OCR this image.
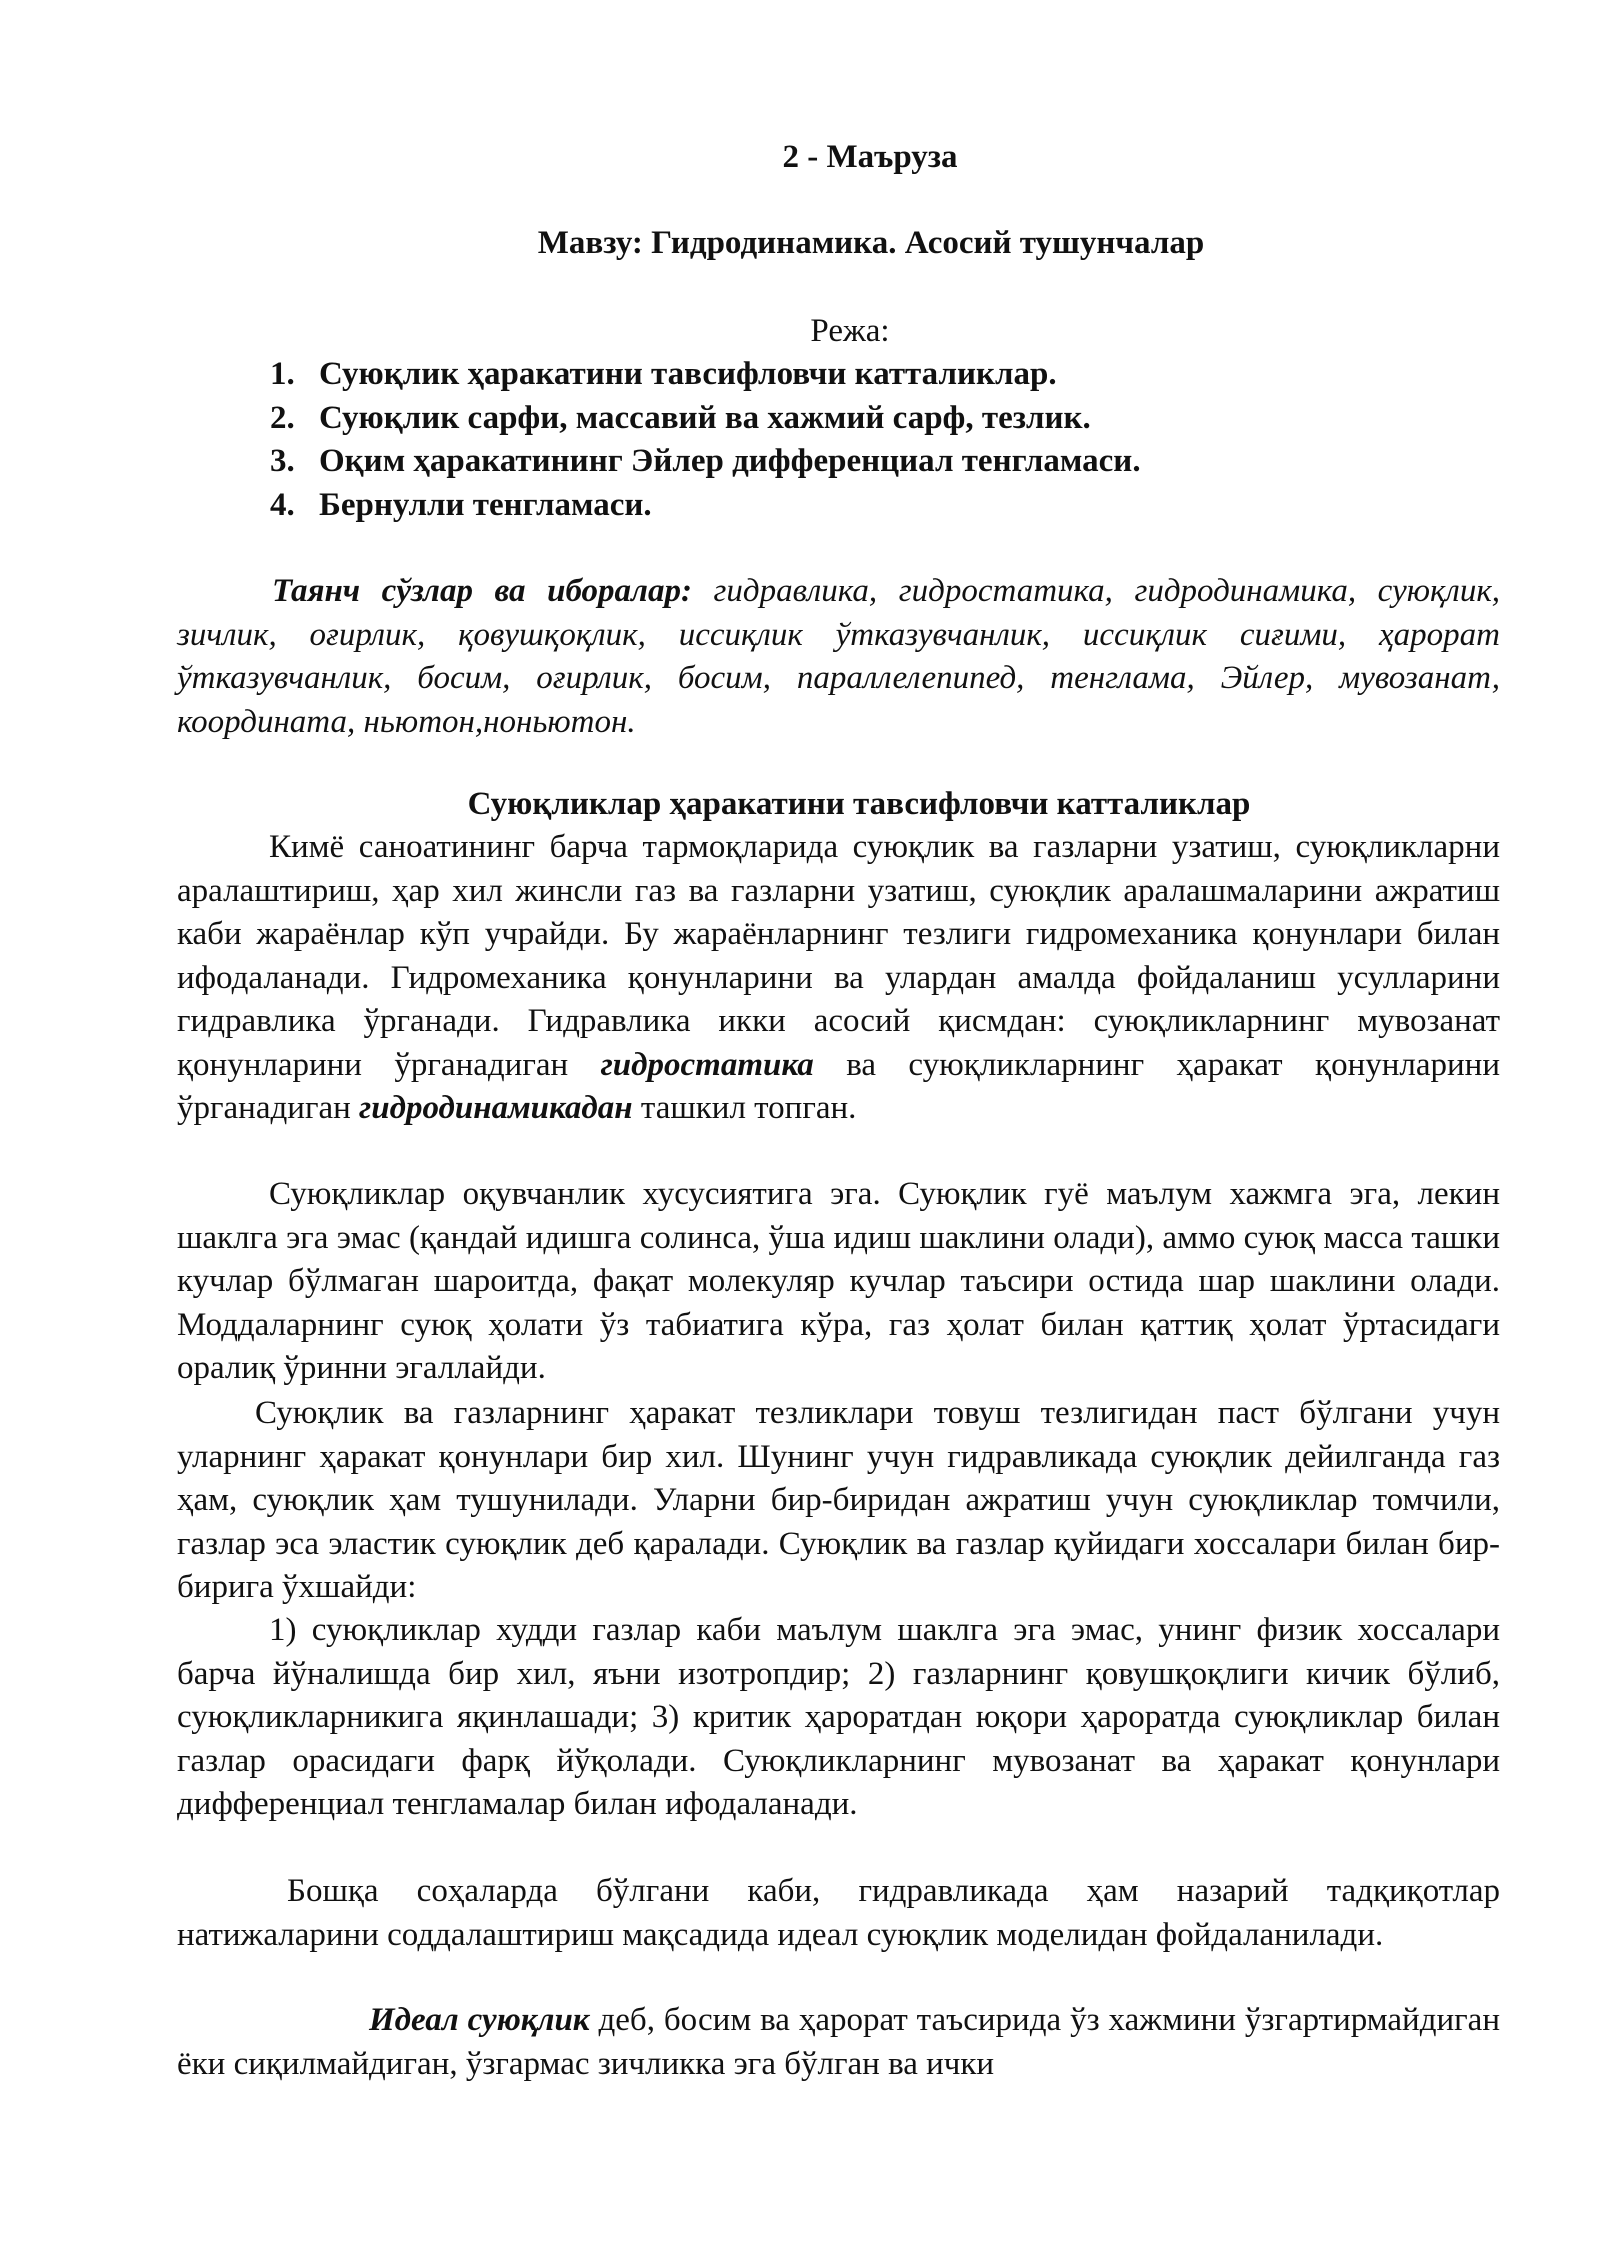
2 - Маъруза
Мавзу: Гидродинамика. Асосий тушунчалар
Режа:
1. Суюқлик ҳаракатини тавсифловчи катталиклар.
2. Суюқлик сарфи, массавий ва хажмий сарф, тезлик.
3. Оқим ҳаракатининг Эйлер дифференциал тенгламаси.
4. Бернулли тенгламаси.

Таянч сўзлар ва иборалар: гидравлика, гидростатика, гидродинамика, суюқлик, зичлик, оғирлик, қовушқоқлик, иссиқлик ўтказувчанлик, иссиқлик сиғими, ҳарорат ўтказувчанлик, босим, оғирлик, босим, параллелепипед, тенглама, Эйлер, мувозанат, координата, ньютон,ноньютон.

Суюқликлар ҳаракатини тавсифловчи катталиклар

Кимё саноатининг барча тармоқларида суюқлик ва газларни узатиш, суюқликларни аралаштириш, ҳар хил жинсли газ ва газларни узатиш, суюқлик аралашмаларини ажратиш каби жараёнлар кўп учрайди. Бу жараёнларнинг тезлиги гидромеханика қонунлари билан ифодаланади. Гидромеханика қонунларини ва улардан амалда фойдаланиш усулларини гидравлика ўрганади. Гидравлика икки асосий қисмдан: суюқликларнинг мувозанат қонунларини ўрганадиган гидростатика ва суюқликларнинг ҳаракат қонунларини ўрганадиган гидродинамикадан ташкил топган.

Суюқликлар оқувчанлик хусусиятига эга. Суюқлик гуё маълум хажмга эга, лекин шаклга эга эмас (қандай идишга солинса, ўша идиш шаклини олади), аммо суюқ масса ташки кучлар бўлмаган шароитда, фақат молекуляр кучлар таъсири остида шар шаклини олади. Моддаларнинг суюқ ҳолати ўз табиатига кўра, газ ҳолат билан қаттиқ ҳолат ўртасидаги оралиқ ўринни эгаллайди.

Суюқлик ва газларнинг ҳаракат тезликлари товуш тезлигидан паст бўлгани учун уларнинг ҳаракат қонунлари бир хил. Шунинг учун гидравликада суюқлик дейилганда газ ҳам, суюқлик ҳам тушунилади. Уларни бир-биридан ажратиш учун суюқликлар томчили, газлар эса эластик суюқлик деб қаралади. Суюқлик ва газлар қуйидаги хоссалари билан бир-бирига ўхшайди:

1) суюқликлар худди газлар каби маълум шаклга эга эмас, унинг физик хоссалари барча йўналишда бир хил, яъни изотропдир; 2) газларнинг қовушқоқлиги кичик бўлиб, суюқликларникига яқинлашади; 3) критик ҳароратдан юқори ҳароратда суюқликлар билан газлар орасидаги фарқ йўқолади. Суюқликларнинг мувозанат ва ҳаракат қонунлари дифференциал тенгламалар билан ифодаланади.

Бошқа соҳаларда бўлгани каби, гидравликада ҳам назарий тадқиқотлар натижаларини соддалаштириш мақсадида идеал суюқлик моделидан фойдаланилади.

Идеал суюқлик деб, босим ва ҳарорат таъсирида ўз хажмини ўзгартирмайдиган ёки сиқилмайдиган, ўзгармас зичликка эга бўлган ва ички
